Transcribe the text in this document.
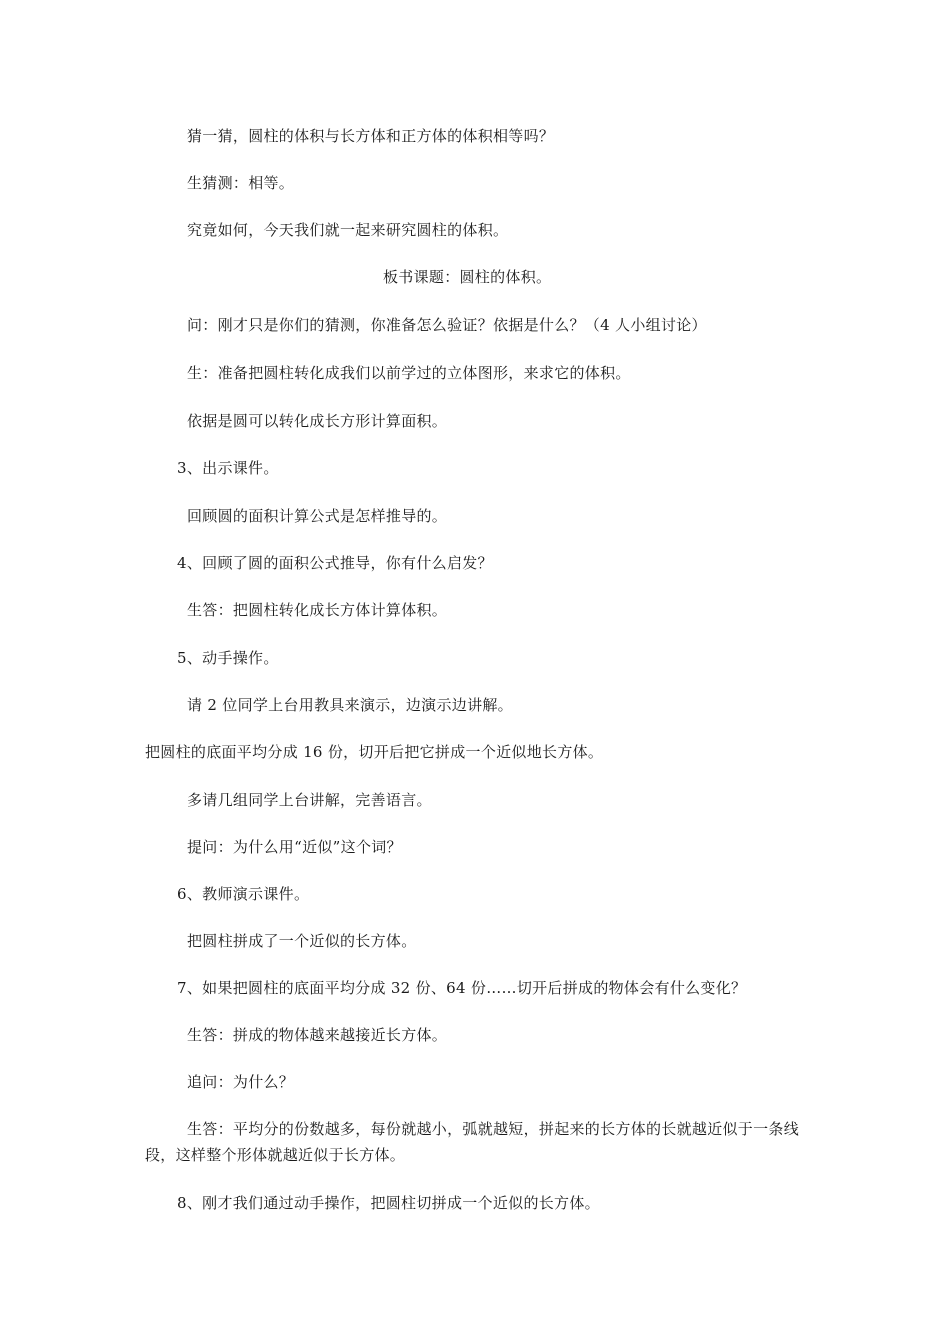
猜一猜，圆柱的体积与长方体和正方体的体积相等吗？
生猜测：相等。
究竟如何，今天我们就一起来研究圆柱的体积。
板书课题：圆柱的体积。
问：刚才只是你们的猜测，你准备怎么验证？依据是什么？（4 人小组讨论）
生：准备把圆柱转化成我们以前学过的立体图形，来求它的体积。
依据是圆可以转化成长方形计算面积。
3、出示课件。
回顾圆的面积计算公式是怎样推导的。
4、回顾了圆的面积公式推导，你有什么启发？
生答：把圆柱转化成长方体计算体积。
5、动手操作。
请 2 位同学上台用教具来演示，边演示边讲解。
把圆柱的底面平均分成 16 份，切开后把它拼成一个近似地长方体。
多请几组同学上台讲解，完善语言。
提问：为什么用“近似”这个词？
6、教师演示课件。
把圆柱拼成了一个近似的长方体。
7、如果把圆柱的底面平均分成 32 份、64 份……切开后拼成的物体会有什么变化？
生答：拼成的物体越来越接近长方体。
追问：为什么？
生答：平均分的份数越多，每份就越小，弧就越短，拼起来的长方体的长就越近似于一条线段，这样整个形体就越近似于长方体。
8、刚才我们通过动手操作，把圆柱切拼成一个近似的长方体。
